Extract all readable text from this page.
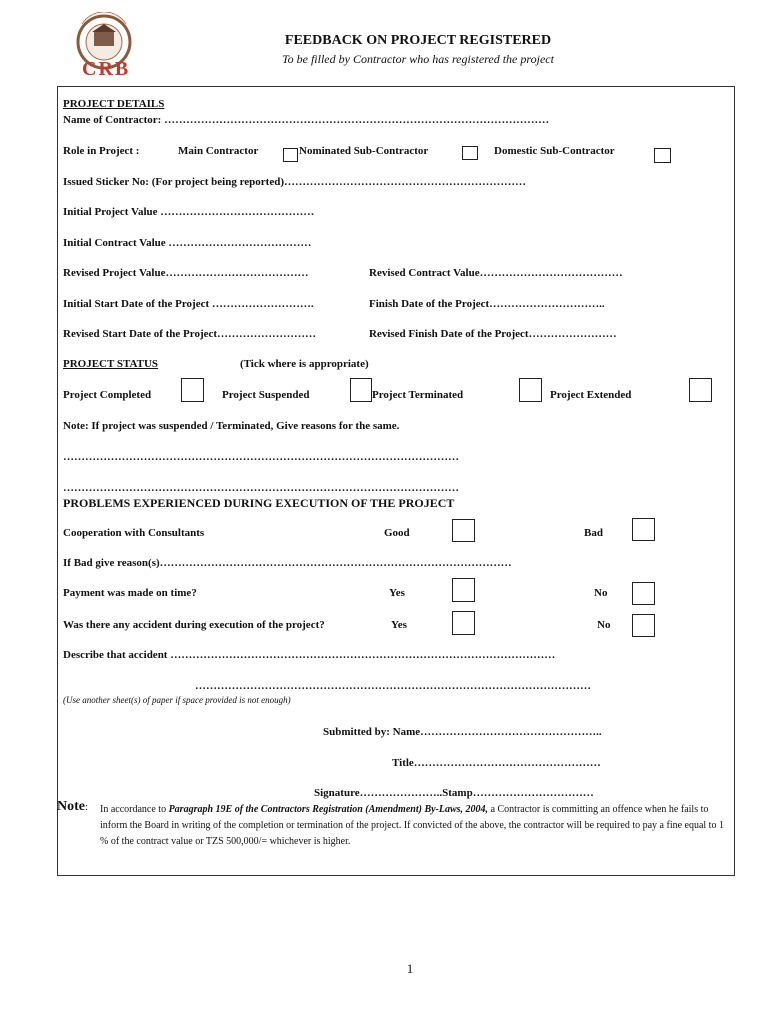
CRB
FEEDBACK ON PROJECT REGISTERED
To be filled by Contractor who has registered the project
PROJECT DETAILS
Name of Contractor: ……………………………………………………………………………………………
Role in Project :	Main Contractor	Nominated Sub-Contractor	Domestic Sub-Contractor
Issued Sticker No: (For project being reported)…………………………………………………………
Initial Project Value ……………………………………
Initial Contract Value …………………………………
Revised Project Value…………………………………	Revised Contract Value…………………………………
Initial Start Date of the Project ……………………….	Finish Date of the Project…………………………..
Revised Start Date of the Project………………………	Revised Finish Date of the Project……………………
PROJECT STATUS	(Tick where is appropriate)
Project Completed	Project Suspended	Project Terminated	Project Extended
Note: If project was suspended / Terminated, Give reasons for the same.
………………………………………………………………………………………………
………………………………………………………………………………………………
PROBLEMS EXPERIENCED DURING EXECUTION OF THE PROJECT
Cooperation with Consultants	Good	Bad
If Bad give reason(s)……………………………………………………………………………………
Payment was made on time?	Yes	No
Was there any accident during execution of the project?	Yes	No
Describe that accident ……………………………………………………………………………………………
………………………………………………………………………………………………
(Use another sheet(s) of paper if space provided is not enough)
Submitted by: Name…………………………………………..
Title……………………………………………
Signature…………………..Stamp……………………………
Note: In accordance to Paragraph 19E of the Contractors Registration (Amendment) By-Laws, 2004, a Contractor is committing an offence when he fails to inform the Board in writing of the completion or termination of the project. If convicted of the above, the contractor will be required to pay a fine equal to 1 % of the contract value or TZS 500,000/= whichever is higher.
1
